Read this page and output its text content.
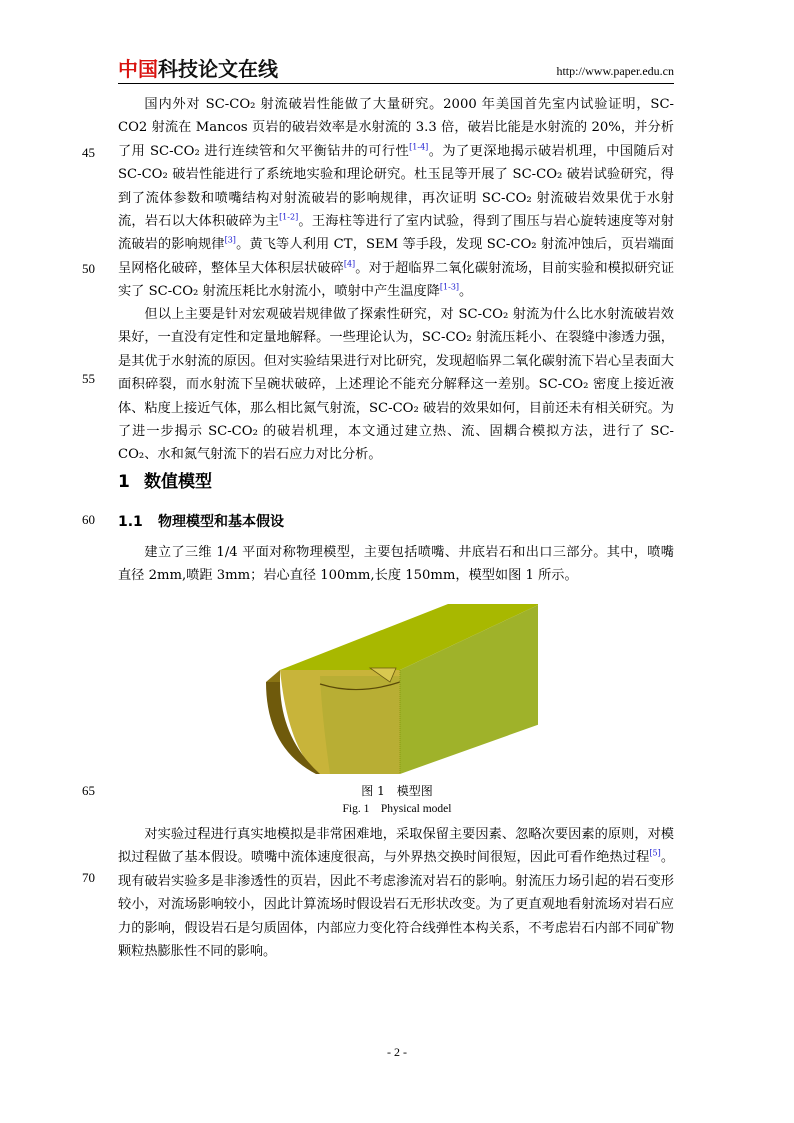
中国科技论文在线	http://www.paper.edu.cn
45
50
55
60
65
70

国内外对 SC-CO₂ 射流破岩性能做了大量研究。2000 年美国首先室内试验证明，SC-CO2 射流在 Mancos 页岩的破岩效率是水射流的 3.3 倍，破岩比能是水射流的 20%，并分析了用 SC-CO₂ 进行连续管和欠平衡钻井的可行性[1-4]。为了更深地揭示破岩机理，中国随后对 SC-CO₂ 破岩性能进行了系统地实验和理论研究。杜玉昆等开展了 SC-CO₂ 破岩试验研究，得到了流体参数和喷嘴结构对射流破岩的影响规律，再次证明 SC-CO₂ 射流破岩效果优于水射流，岩石以大体积破碎为主[1-2]。王海柱等进行了室内试验，得到了围压与岩心旋转速度等对射流破岩的影响规律[3]。黄飞等人利用 CT，SEM 等手段，发现 SC-CO₂ 射流冲蚀后，页岩端面呈网格化破碎，整体呈大体积层状破碎[4]。对于超临界二氧化碳射流场，目前实验和模拟研究证实了 SC-CO₂ 射流压耗比水射流小，喷射中产生温度降[1-3]。

但以上主要是针对宏观破岩规律做了探索性研究，对 SC-CO₂ 射流为什么比水射流破岩效果好，一直没有定性和定量地解释。一些理论认为，SC-CO₂ 射流压耗小、在裂缝中渗透力强，是其优于水射流的原因。但对实验结果进行对比研究，发现超临界二氧化碳射流下岩心呈表面大面积碎裂，而水射流下呈碗状破碎，上述理论不能充分解释这一差别。SC-CO₂ 密度上接近液体、粘度上接近气体，那么相比氮气射流，SC-CO₂ 破岩的效果如何，目前还未有相关研究。为了进一步揭示 SC-CO₂ 的破岩机理，本文通过建立热、流、固耦合模拟方法，进行了 SC-CO₂、水和氮气射流下的岩石应力对比分析。

1 数值模型
1.1 物理模型和基本假设

建立了三维 1/4 平面对称物理模型，主要包括喷嘴、井底岩石和出口三部分。其中，喷嘴直径 2mm,喷距 3mm；岩心直径 100mm,长度 150mm，模型如图 1 所示。

图 1　模型图
Fig. 1　Physical model

对实验过程进行真实地模拟是非常困难地，采取保留主要因素、忽略次要因素的原则，对模拟过程做了基本假设。喷嘴中流体速度很高，与外界热交换时间很短，因此可看作绝热过程[5]。现有破岩实验多是非渗透性的页岩，因此不考虑渗流对岩石的影响。射流压力场引起的岩石变形较小，对流场影响较小，因此计算流场时假设岩石无形状改变。为了更直观地看射流场对岩石应力的影响，假设岩石是匀质固体，内部应力变化符合线弹性本构关系，不考虑岩石内部不同矿物颗粒热膨胀性不同的影响。

- 2 -
